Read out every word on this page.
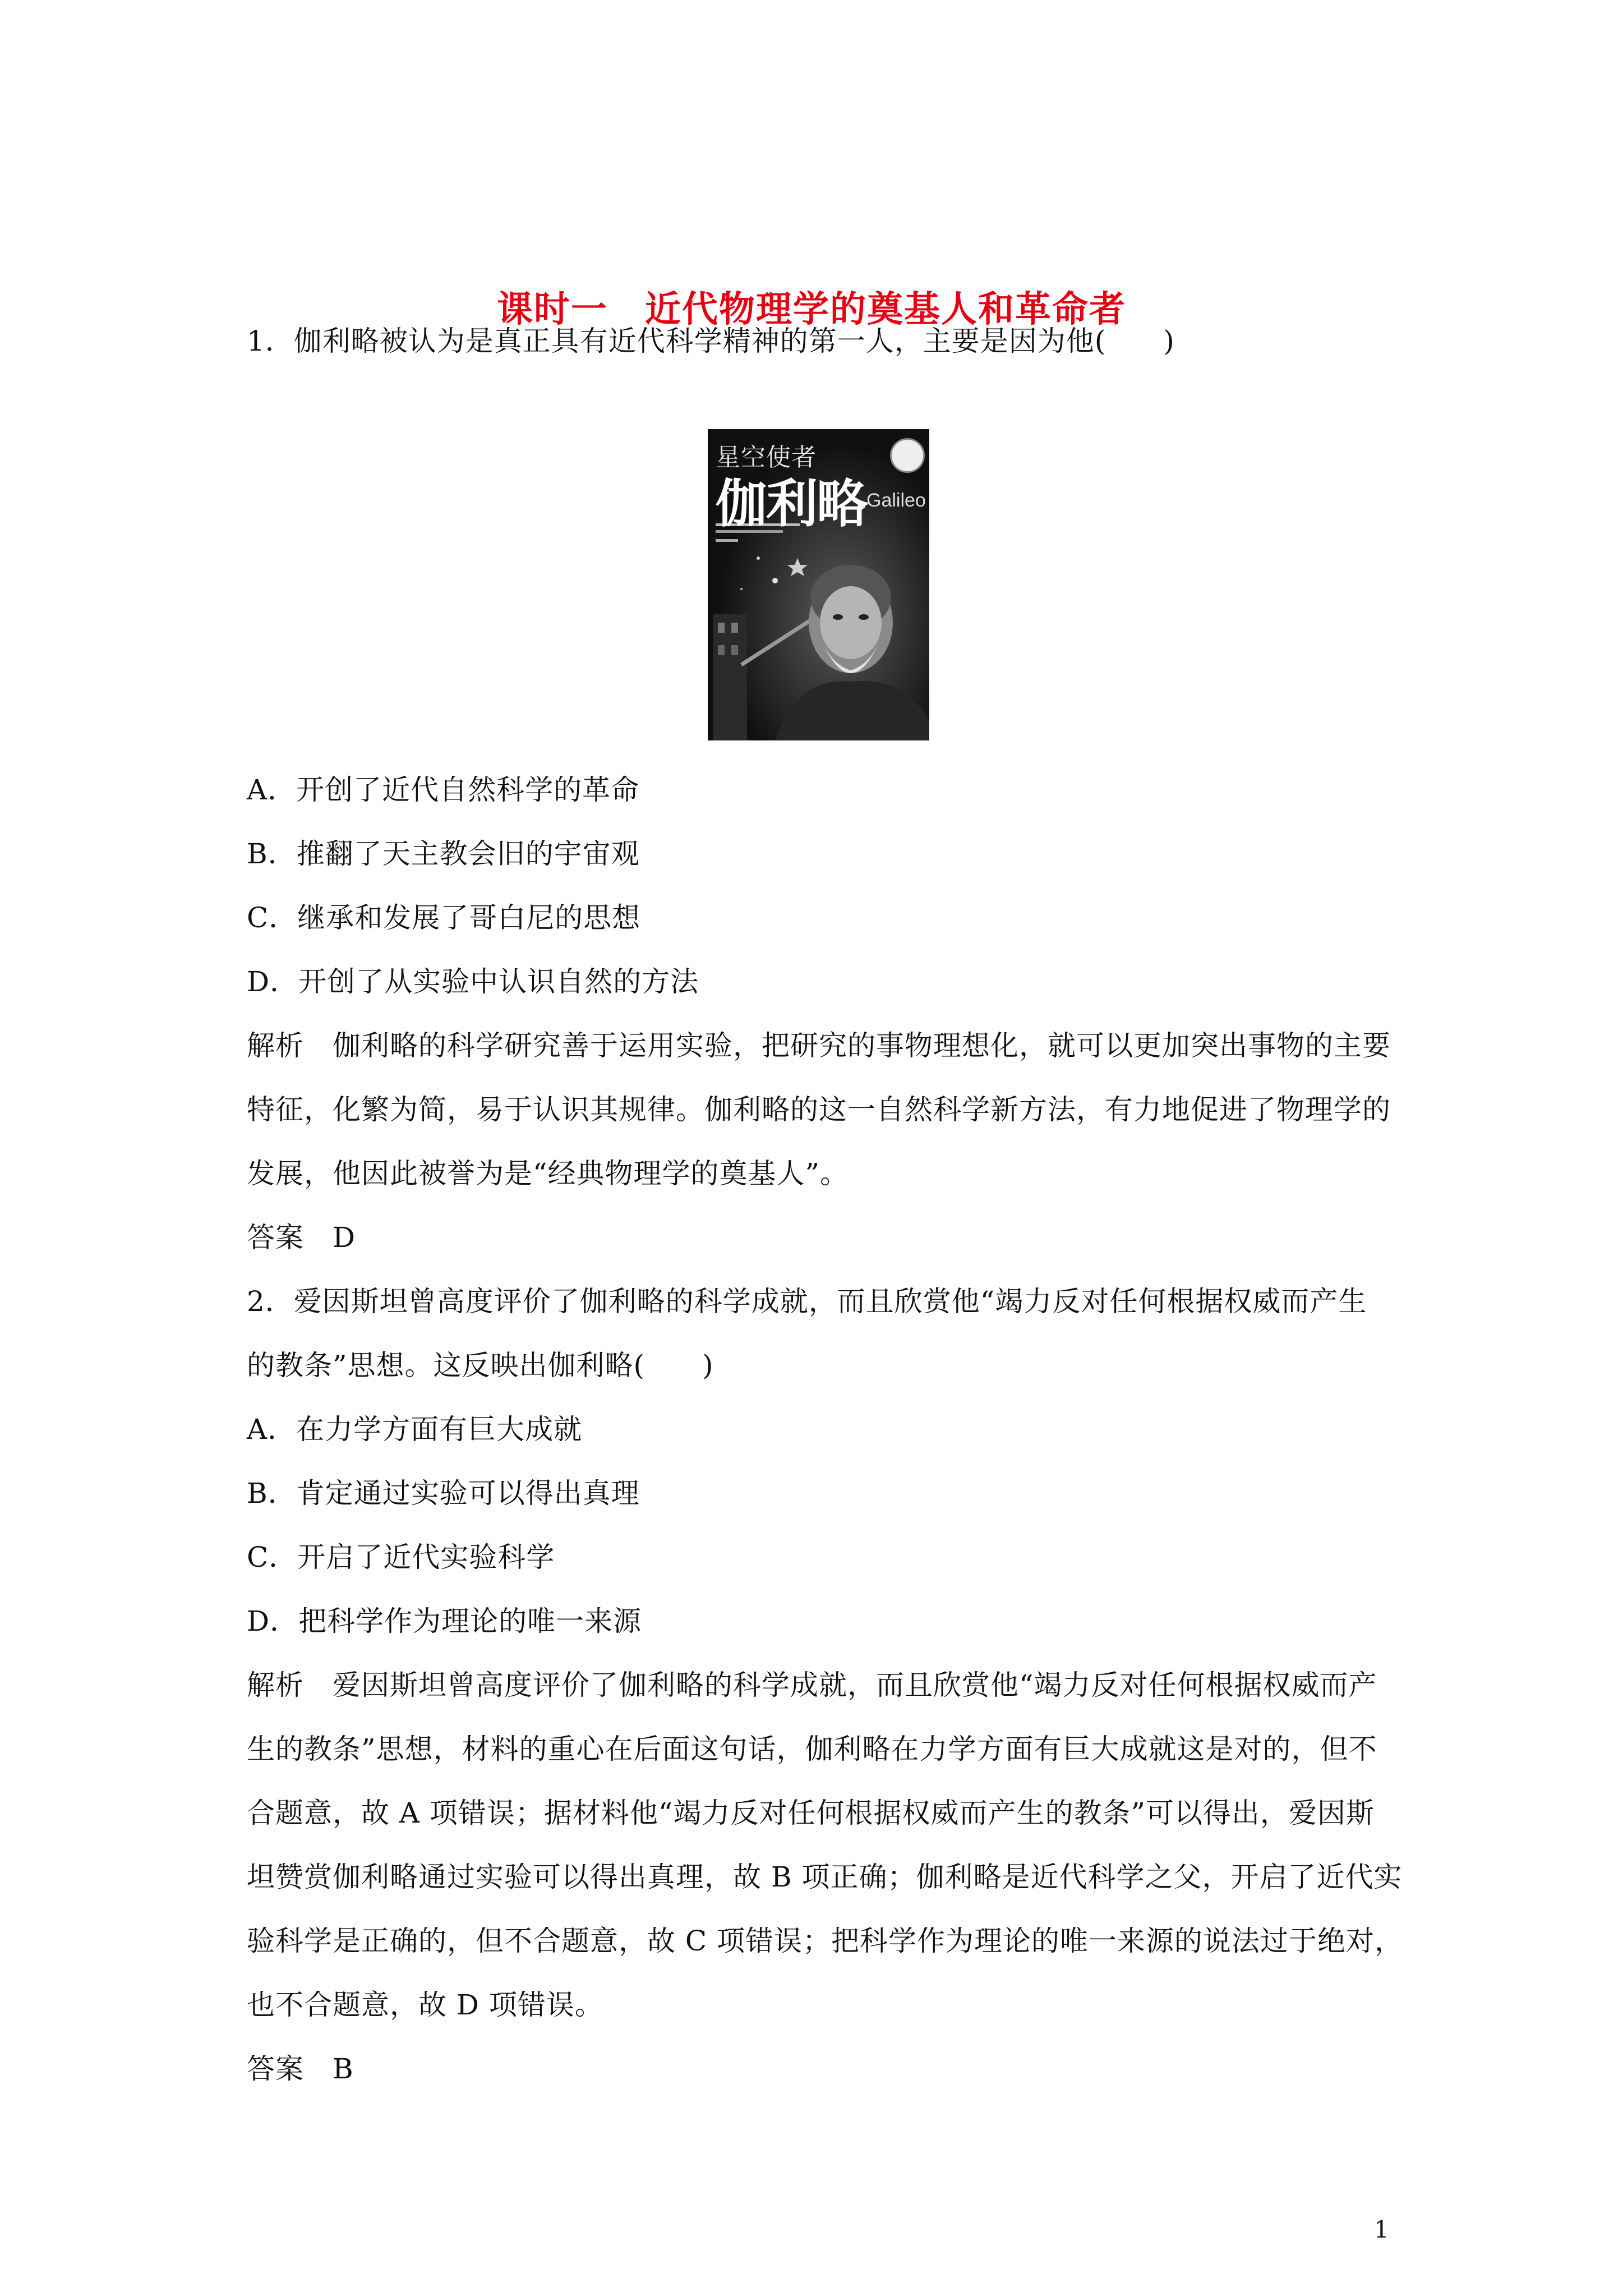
课时一　近代物理学的奠基人和革命者
1．伽利略被认为是真正具有近代科学精神的第一人，主要是因为他(　　)
星空使者
伽利略
Galileo
A．开创了近代自然科学的革命
B．推翻了天主教会旧的宇宙观
C．继承和发展了哥白尼的思想
D．开创了从实验中认识自然的方法
解析　伽利略的科学研究善于运用实验，把研究的事物理想化，就可以更加突出事物的主要
特征，化繁为简，易于认识其规律。伽利略的这一自然科学新方法，有力地促进了物理学的
发展，他因此被誉为是“经典物理学的奠基人”。
答案　D
2．爱因斯坦曾高度评价了伽利略的科学成就，而且欣赏他“竭力反对任何根据权威而产生
的教条”思想。这反映出伽利略(　　)
A．在力学方面有巨大成就
B．肯定通过实验可以得出真理
C．开启了近代实验科学
D．把科学作为理论的唯一来源
解析　爱因斯坦曾高度评价了伽利略的科学成就，而且欣赏他“竭力反对任何根据权威而产
生的教条”思想，材料的重心在后面这句话，伽利略在力学方面有巨大成就这是对的，但不
合题意，故 A 项错误；据材料他“竭力反对任何根据权威而产生的教条”可以得出，爱因斯
坦赞赏伽利略通过实验可以得出真理，故 B 项正确；伽利略是近代科学之父，开启了近代实
验科学是正确的，但不合题意，故 C 项错误；把科学作为理论的唯一来源的说法过于绝对，
也不合题意，故 D 项错误。
答案　B
1
